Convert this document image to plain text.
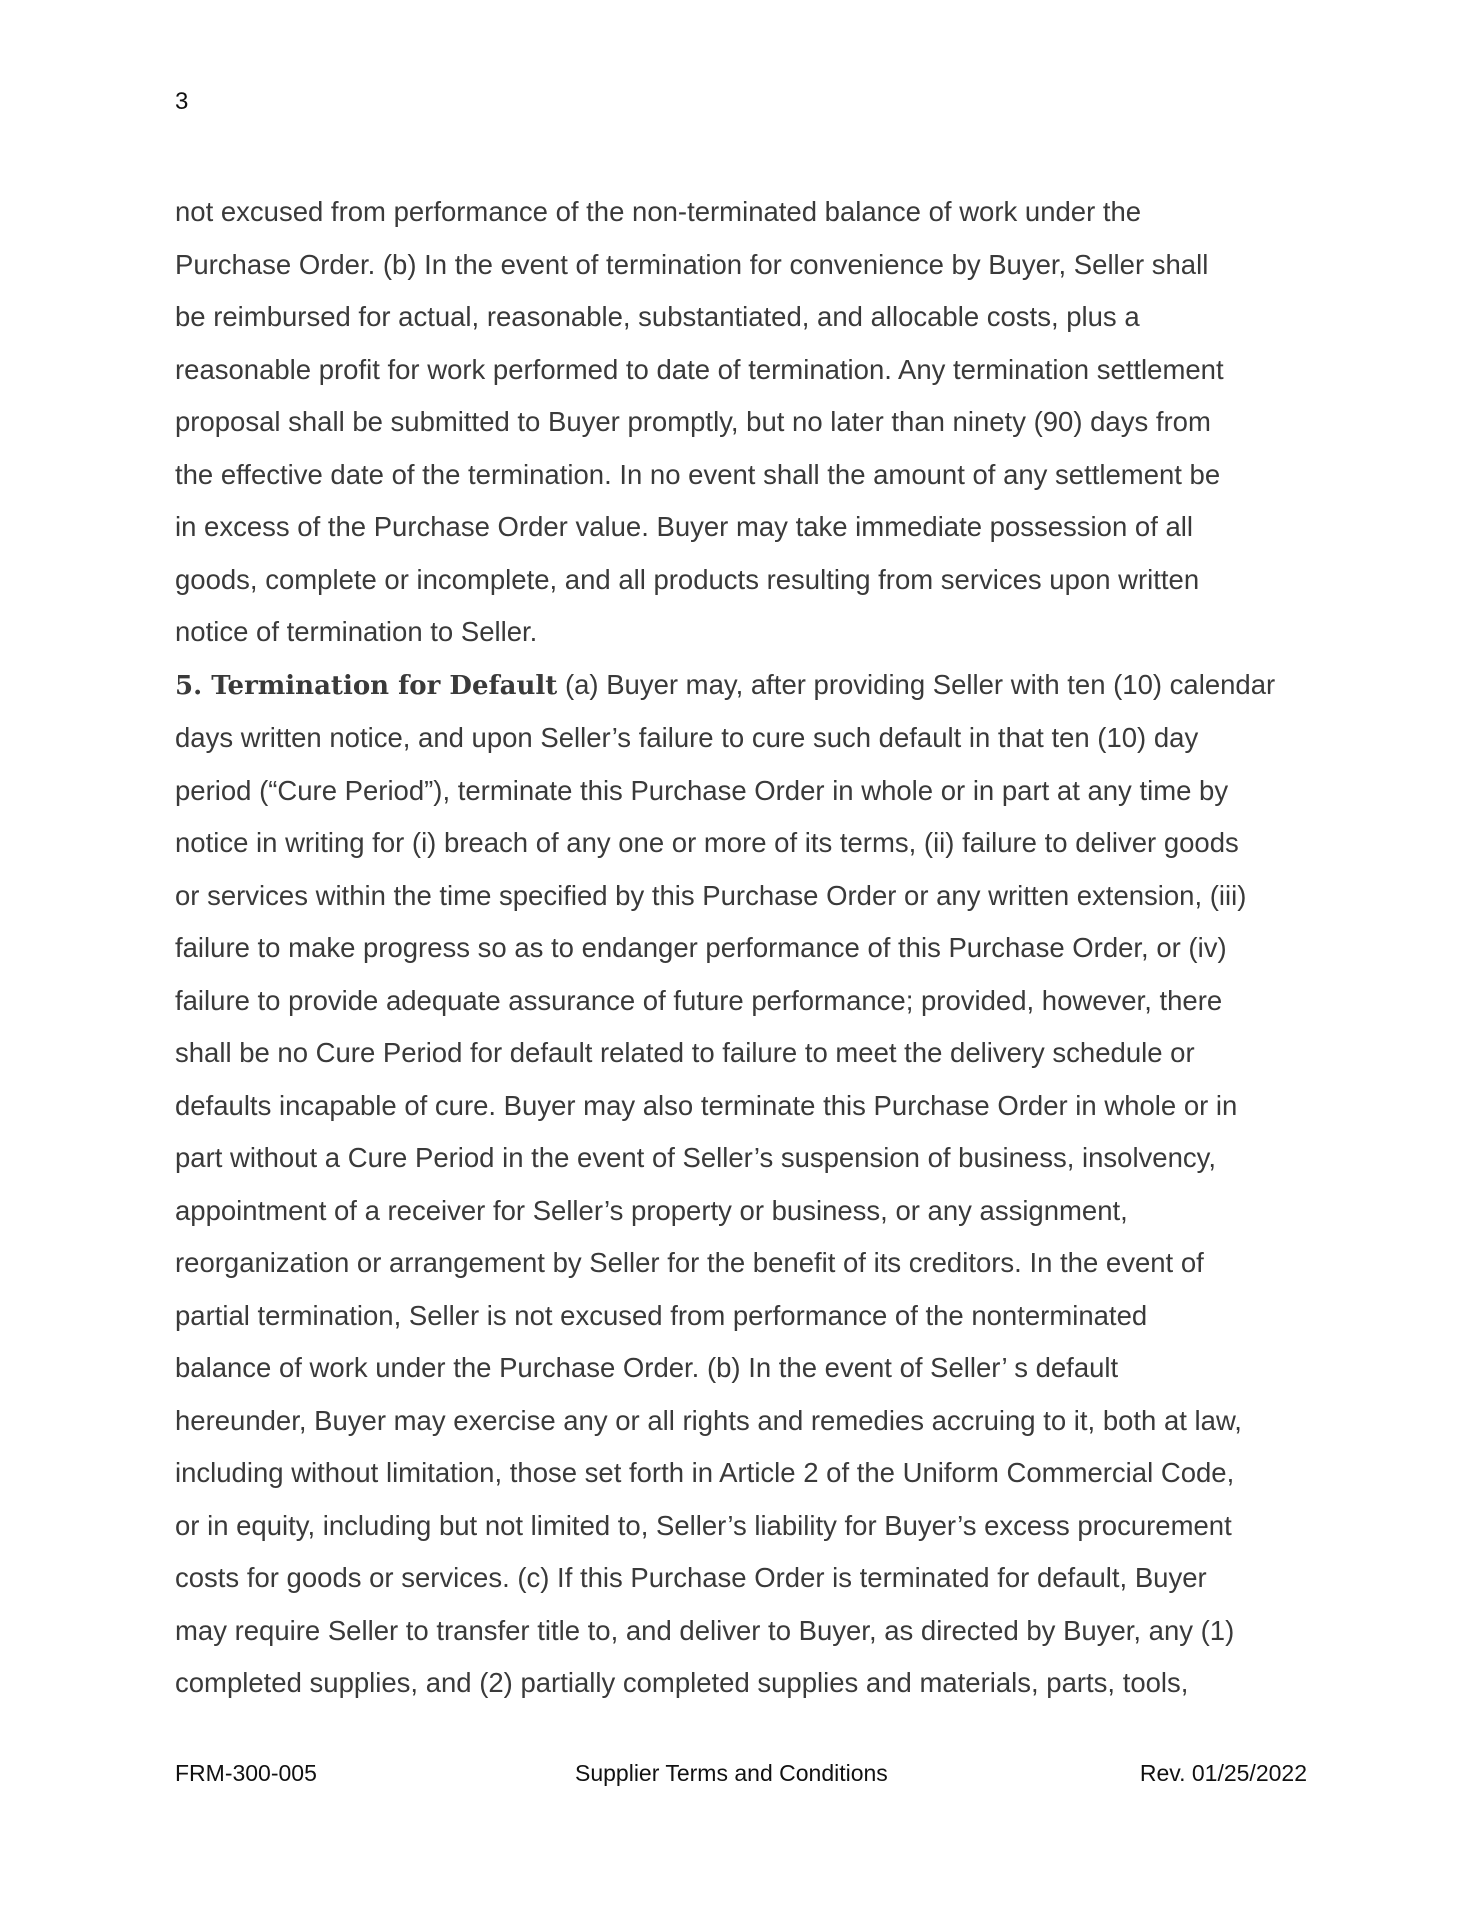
3
not excused from performance of the non-terminated balance of work under the
Purchase Order. (b) In the event of termination for convenience by Buyer, Seller shall
be reimbursed for actual, reasonable, substantiated, and allocable costs, plus a
reasonable profit for work performed to date of termination. Any termination settlement
proposal shall be submitted to Buyer promptly, but no later than ninety (90) days from
the effective date of the termination. In no event shall the amount of any settlement be
in excess of the Purchase Order value. Buyer may take immediate possession of all
goods, complete or incomplete, and all products resulting from services upon written
notice of termination to Seller.
5. Termination for Default (a) Buyer may, after providing Seller with ten (10) calendar
days written notice, and upon Seller’s failure to cure such default in that ten (10) day
period (“Cure Period”), terminate this Purchase Order in whole or in part at any time by
notice in writing for (i) breach of any one or more of its terms, (ii) failure to deliver goods
or services within the time specified by this Purchase Order or any written extension, (iii)
failure to make progress so as to endanger performance of this Purchase Order, or (iv)
failure to provide adequate assurance of future performance; provided, however, there
shall be no Cure Period for default related to failure to meet the delivery schedule or
defaults incapable of cure. Buyer may also terminate this Purchase Order in whole or in
part without a Cure Period in the event of Seller’s suspension of business, insolvency,
appointment of a receiver for Seller’s property or business, or any assignment,
reorganization or arrangement by Seller for the benefit of its creditors. In the event of
partial termination, Seller is not excused from performance of the nonterminated
balance of work under the Purchase Order. (b) In the event of Seller’ s default
hereunder, Buyer may exercise any or all rights and remedies accruing to it, both at law,
including without limitation, those set forth in Article 2 of the Uniform Commercial Code,
or in equity, including but not limited to, Seller’s liability for Buyer’s excess procurement
costs for goods or services. (c) If this Purchase Order is terminated for default, Buyer
may require Seller to transfer title to, and deliver to Buyer, as directed by Buyer, any (1)
completed supplies, and (2) partially completed supplies and materials, parts, tools,
FRM-300-005	Supplier Terms and Conditions	Rev. 01/25/2022
